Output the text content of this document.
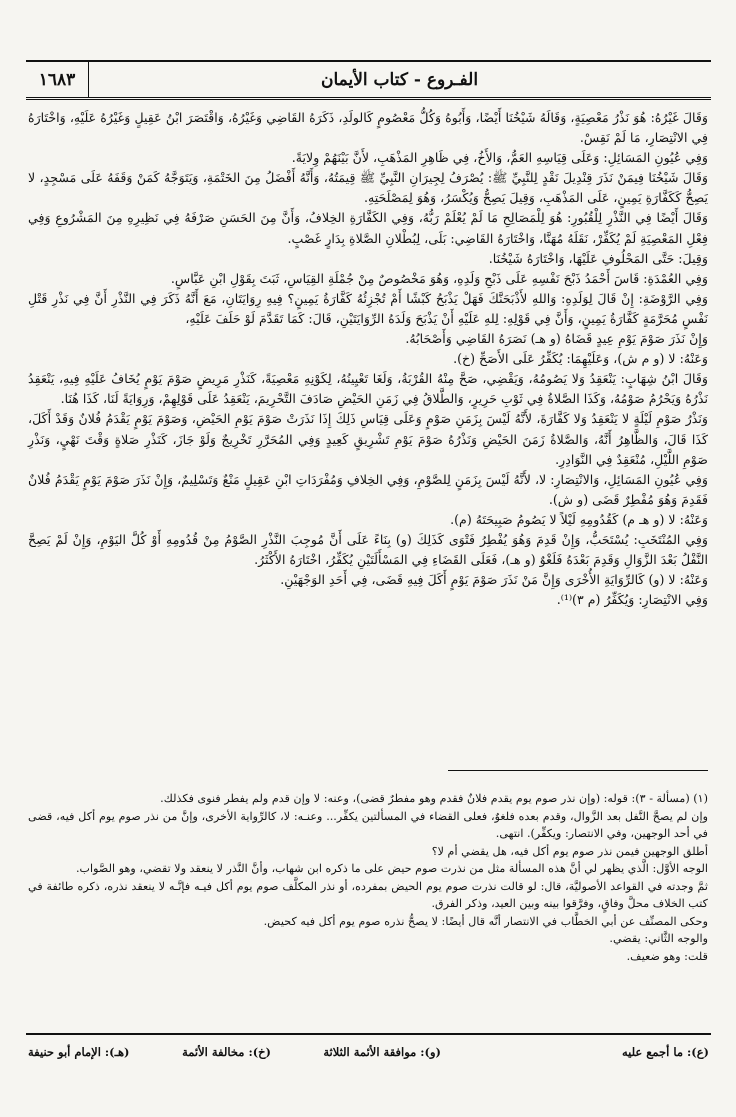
١٦٨٣	الفـروع - كتاب الأيمان

وَقَالَ غَيْرُهُ: هُوَ نَذْرُ مَعْصِيَةٍ، وَقَالَهُ شَيْخُنَا أَيْضًا، وَأَبُوهُ وَكُلُّ مَعْصُومٍ كَالولَدِ، ذَكَرَهُ القَاضِي وَغَيْرُهُ، وَاقْتَصَرَ ابْنُ عَقِيلٍ وَغَيْرُهُ عَلَيْهِ، وَاخْتَارَهُ فِي الانْتِصَارِ، مَا لَمْ نَقِسْ.

وَفِي عُيُونِ المَسَائِلِ: وَعَلَى قِيَاسِهِ العَمُّ، وَالأَخُ، فِي ظَاهِرِ المَذْهَبِ، لأَنَّ بَيْنَهُمْ وِلايَةً.

وَقَالَ شَيْخُنَا فِيمَنْ نَذَرَ قِنْدِيلَ نَقْدٍ لِلنَّبِيِّ ﷺ: يُصْرَفُ لِجِيرَانِ النَّبِيِّ ﷺ قِيمَتُهُ، وَأَنَّهُ أَفْضَلُ مِنَ الخَتْمَةِ، وَيَتَوَجَّهُ كَمَنْ وَقَفَهُ عَلَى مَسْجِدٍ، لا يَصِحُّ كَكَفَّارَةِ يَمِينٍ، عَلَى المَذْهَبِ، وَقِيلَ يَصِحُّ وَيُكْسَرُ، وَهُوَ لِمَصْلَحَتِهِ.

وَقَالَ أَيْضًا فِي النَّذْرِ لِلْقُبُورِ: هُوَ لِلْمَصَالِحِ مَا لَمْ يُعْلَمْ رَبُّهُ، وَفِي الكَفَّارَةِ الخِلافُ، وَأَنَّ مِنَ الحَسَنِ صَرْفَهُ فِي نَظِيرِهِ مِنَ المَشْرُوعِ وَفِي فِعْلِ المَعْصِيَةِ لَمْ يُكَفِّرْ، نَقَلَهُ مُهَنَّا، وَاخْتَارَهُ القَاضِي: بَلَى، لِبُطْلانِ الصَّلاةِ بِدَارٍ غَصْبٍ.

وَقِيلَ: حَتَّى المَحْلُوفِ عَلَيْهَا، وَاخْتَارَهُ شَيْخُنَا.

وَفِي العُمْدَةِ: قَاسَ أَحْمَدُ ذَبْحَ نَفْسِهِ عَلَى ذَبْحِ وَلَدِهِ، وَهُوَ مَخْصُوصٌ مِنْ جُمْلَةِ القِيَاسِ، ثَبَتَ بِقَوْلِ ابْنِ عَبَّاسٍ.

وَفِي الرَّوْضَةِ: إِنْ قَالَ لِوَلَدِهِ: وَاللهِ لأَذْبَحَنَّكَ فَهَلْ يَذْبَحُ كَبْشًا أَمْ تُجْزِئُهُ كَفَّارَةُ يَمِينٍ؟ فِيهِ رِوَايَتَانِ، مَعَ أَنَّهُ ذَكَرَ فِي النَّذْرِ أَنَّ فِي نَذْرِ قَتْلِ نَفْسٍ مُحَرَّمَةٍ كَفَّارَةُ يَمِينٍ، وَأَنَّ فِي قَوْلِهِ: لِلهِ عَلَيْهِ أَنْ يَذْبَحَ وَلَدَهُ الرِّوَايَتَيْنِ، قَالَ: كَمَا تَقَدَّمَ لَوْ حَلَفَ عَلَيْهِ،

وَإِنْ نَذَرَ صَوْمَ يَوْمِ عِيدٍ قَضَاهُ (و هـ) نَصَرَهُ القَاضِي وَأَصْحَابُهُ.

وَعَنْهُ: لا (و م ش)، وَعَلَيْهِمَا: يُكَفِّرُ عَلَى الأَصَحِّ (خ).

وَقَالَ ابْنُ شِهَابٍ: يَنْعَقِدُ وَلا يَصُومُهُ، وَيَقْضِي، صَحَّ مِنْهُ القُرْبَةُ، وَلَغَا تَعْيِينُهُ، لِكَوْنِهِ مَعْصِيَةً، كَنَذْرِ مَرِيضٍ صَوْمَ يَوْمٍ يُخَافُ عَلَيْهِ فِيهِ، يَنْعَقِدُ نَذْرُهُ وَيَحْرُمُ صَوْمُهُ، وَكَذَا الصَّلاةُ فِي ثَوْبِ حَرِيرٍ، وَالطَّلاقُ فِي زَمَنِ الحَيْضِ صَادَفَ التَّحْرِيمَ، يَنْعَقِدُ عَلَى قَوْلِهِمْ، وَرِوَايَةً لَنَا، كَذَا هُنَا.

وَنَذْرُ صَوْمِ لَيْلَةٍ لا يَنْعَقِدُ وَلا كَفَّارَةَ، لأَنَّهُ لَيْسَ بِزَمَنِ صَوْمٍ وَعَلَى قِيَاسِ ذَلِكَ إِذَا نَذَرَتْ صَوْمَ يَوْمِ الحَيْضِ، وَصَوْمَ يَوْمٍ يَقْدَمُ فُلانٌ وَقَدْ أَكَلَ، كَذَا قَالَ، وَالظَّاهِرُ أَنَّهُ، وَالصَّلاةُ زَمَنَ الحَيْضِ وَنَذْرُهُ صَوْمَ يَوْمِ تَشْرِيقٍ كَعِيدٍ وَفِي المُحَرَّرِ تَخْرِيجٌ وَلَوْ جَازَ، كَنَذْرِ صَلاةٍ وَقْتَ نَهْيٍ، وَنَذْرِ صَوْمِ اللَّيْلِ، مُنْعَقِدٌ فِي النَّوَادِرِ.

وَفِي عُيُونِ المَسَائِلِ، وَالانْتِصَارِ: لا، لأَنَّهُ لَيْسَ بِزَمَنٍ لِلصَّوْمِ، وَفِي الخِلافِ وَمُفْرَدَاتِ ابْنِ عَقِيلٍ مَنْعٌ وَتَسْلِيمٌ، وَإِنْ نَذَرَ صَوْمَ يَوْمٍ يَقْدَمُ فُلانٌ فَقَدِمَ وَهُوَ مُفْطِرٌ قَضَى (و ش).

وَعَنْهُ: لا (و هـ م) كَقُدُومِهِ لَيْلاً لا يَصُومُ صَبِيحَتَهُ (م).

وَفِي المُنْتَخَبِ: يُسْتَحَبُّ، وَإِنْ قَدِمَ وَهُوَ يُفْطِرُ فَتْوَى كَذَلِكَ (و) بِنَاءً عَلَى أَنَّ مُوجِبَ النَّذْرِ الصَّوْمُ مِنْ قُدُومِهِ أَوْ كُلَّ اليَوْمِ، وَإِنْ لَمْ يَصِحَّ النَّفْلُ بَعْدَ الزَّوَالِ وَقَدِمَ بَعْدَهُ فَلَغْوٌ (و هـ)، فَعَلَى القَضَاءِ فِي المَسْأَلَتَيْنِ يُكَفِّرُ، اخْتَارَهُ الأَكْثَرُ.

وَعَنْهُ: لا (و) كَالرِّوَايَةِ الأُخْرَى وَإِنَّ مَنْ نَذَرَ صَوْمَ يَوْمٍ أَكَلَ فِيهِ قَضَى، فِي أَحَدِ الوَجْهَيْنِ.

وَفِي الانْتِصَارِ: وَيُكَفِّرُ (م ٣)⁽¹⁾.

(١) (مسألة - ٣): قوله: (وإن نذر صوم يوم يقدم فلانٌ فقدم وهو مفطرٌ قضى)، وعنه: لا وإن قدم ولم يفطر فنوى فكذلك.

وإن لم يصحَّ النَّفل بعد الزَّوال، وقدم بعده فلغوٌ، فعلى القضاء في المسألتين يكفِّر... وعنـه: لا، كالرِّواية الأخرى، وإنَّ من نذر صوم يوم أكل فيه، قضى في أحد الوجهين، وفي الانتصار: ويكفِّر). انتهى.

أطلق الوجهين فيمن نذر صوم يوم أكل فيه، هل يقضي أم لا؟

الوجه الأوَّل: الَّذي يظهر لي أنَّ هذه المسألة مثل من نذرت صوم حيض على ما ذكره ابن شهاب، وأنَّ النَّذر لا ينعقد ولا تقضي، وهو الصَّواب.

ثمَّ وجدته في القواعد الأصوليَّة، قال: لو قالت نذرت صوم يوم الحيض بمفرده، أو نذر المكلَّف صوم يوم أكل فيـه فإنَّـه لا ينعقد نذره، ذكره طائفة في كتب الخلاف محلَّ وفاقٍ، وفرَّقوا بينه وبين العيد، وذكر الفرق.

وحكى المصنِّف عن أبي الخطَّاب في الانتصار أنَّه قال أيضًا: لا يصحُّ نذره صوم يوم أكل فيه كحيض.

والوجه الثَّاني: يقضي.

قلت: وهو ضعيف.

(ع): ما أجمع عليه
(و): موافقة الأئمة الثلاثة
(خ): مخالفة الأئمة
(هـ): الإمام أبو حنيفة
